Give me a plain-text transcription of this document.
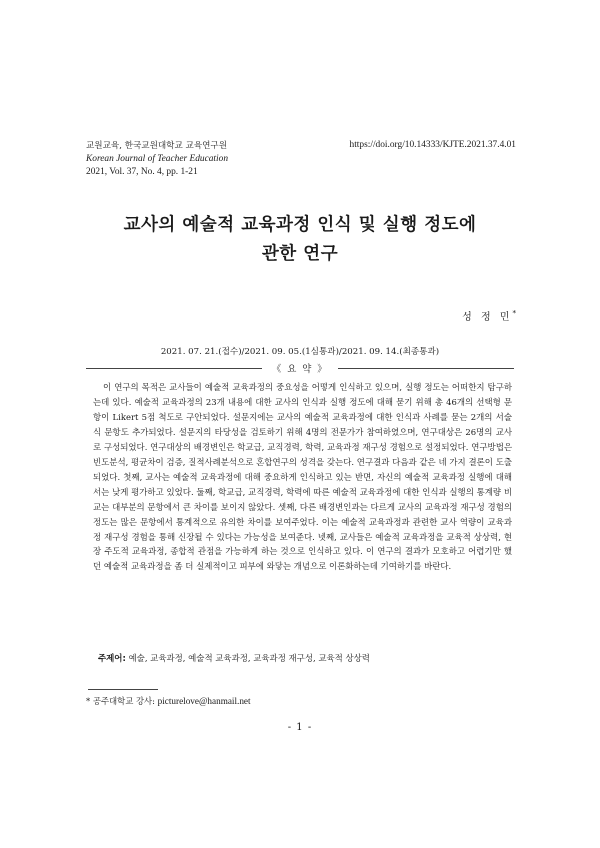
교원교육, 한국교원대학교 교육연구원
Korean Journal of Teacher Education
2021, Vol. 37, No. 4, pp. 1-21
https://doi.org/10.14333/KJTE.2021.37.4.01
교사의 예술적 교육과정 인식 및 실행 정도에
관한 연구
성 정 민*
2021. 07. 21.(접수)/2021. 09. 05.(1심통과)/2021. 09. 14.(최종통과)
《 요 약 》

이 연구의 목적은 교사들이 예술적 교육과정의 중요성을 어떻게 인식하고 있으며, 실행 정도는 어떠한지 탐구하는데 있다. 예술적 교육과정의 23개 내용에 대한 교사의 인식과 실행 정도에 대해 묻기 위해 총 46개의 선택형 문항이 Likert 5점 척도로 구안되었다. 설문지에는 교사의 예술적 교육과정에 대한 인식과 사례를 묻는 2개의 서술식 문항도 추가되었다. 설문지의 타당성을 검토하기 위해 4명의 전문가가 참여하였으며, 연구대상은 26명의 교사로 구성되었다. 연구대상의 배경변인은 학교급, 교직경력, 학력, 교육과정 재구성 경험으로 설정되었다. 연구방법은 빈도분석, 평균차이 검증, 질적사례분석으로 혼합연구의 성격을 갖는다. 연구결과 다음과 같은 네 가지 결론이 도출되었다. 첫째, 교사는 예술적 교육과정에 대해 중요하게 인식하고 있는 반면, 자신의 예술적 교육과정 실행에 대해서는 낮게 평가하고 있었다. 둘째, 학교급, 교직경력, 학력에 따른 예술적 교육과정에 대한 인식과 실행의 통계량 비교는 대부분의 문항에서 큰 차이를 보이지 않았다. 셋째, 다른 배경변인과는 다르게 교사의 교육과정 재구성 경험의 정도는 많은 문항에서 통계적으로 유의한 차이를 보여주었다. 이는 예술적 교육과정과 관련한 교사 역량이 교육과정 재구성 경험을 통해 신장될 수 있다는 가능성을 보여준다. 넷째, 교사들은 예술적 교육과정을 교육적 상상력, 현장 주도적 교육과정, 종합적 관점을 가능하게 하는 것으로 인식하고 있다. 이 연구의 결과가 모호하고 어렵기만 했던 예술적 교육과정을 좀 더 실제적이고 피부에 와닿는 개념으로 이론화하는데 기여하기를 바란다.

주제어: 예술, 교육과정, 예술적 교육과정, 교육과정 재구성, 교육적 상상력
* 공주대학교 강사: picturelove@hanmail.net
- 1 -
